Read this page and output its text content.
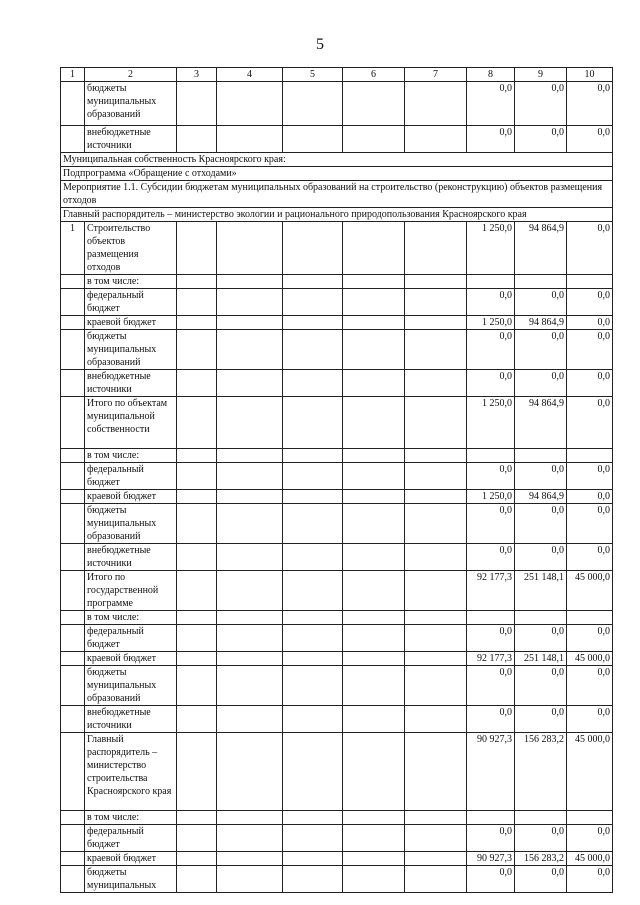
5
1	2	3	4	5	6	7	8	9	10
	бюджеты муниципальных образований						0,0	0,0	0,0
	внебюджетные источники						0,0	0,0	0,0
Муниципальная собственность Красноярского края:									
Подпрограмма «Обращение с отходами»									
Мероприятие 1.1. Субсидии бюджетам муниципальных образований на строительство (реконструкцию) объектов размещения отходов									
Главный распорядитель – министерство экологии и рационального природопользования Красноярского края									
1	Строительство объектов размещения отходов						1 250,0	94 864,9	0,0
	в том числе:								
	федеральный бюджет						0,0	0,0	0,0
	краевой бюджет						1 250,0	94 864,9	0,0
	бюджеты муниципальных образований						0,0	0,0	0,0
	внебюджетные источники						0,0	0,0	0,0
	Итого по объектам муниципальной собственности						1 250,0	94 864,9	0,0
	в том числе:								
	федеральный бюджет						0,0	0,0	0,0
	краевой бюджет						1 250,0	94 864,9	0,0
	бюджеты муниципальных образований						0,0	0,0	0,0
	внебюджетные источники						0,0	0,0	0,0
	Итого по государственной программе						92 177,3	251 148,1	45 000,0
	в том числе:								
	федеральный бюджет						0,0	0,0	0,0
	краевой бюджет						92 177,3	251 148,1	45 000,0
	бюджеты муниципальных образований						0,0	0,0	0,0
	внебюджетные источники						0,0	0,0	0,0
	Главный распорядитель – министерство строительства Красноярского края						90 927,3	156 283,2	45 000,0
	в том числе:								
	федеральный бюджет						0,0	0,0	0,0
	краевой бюджет						90 927,3	156 283,2	45 000,0
	бюджеты муниципальных						0,0	0,0	0,0
